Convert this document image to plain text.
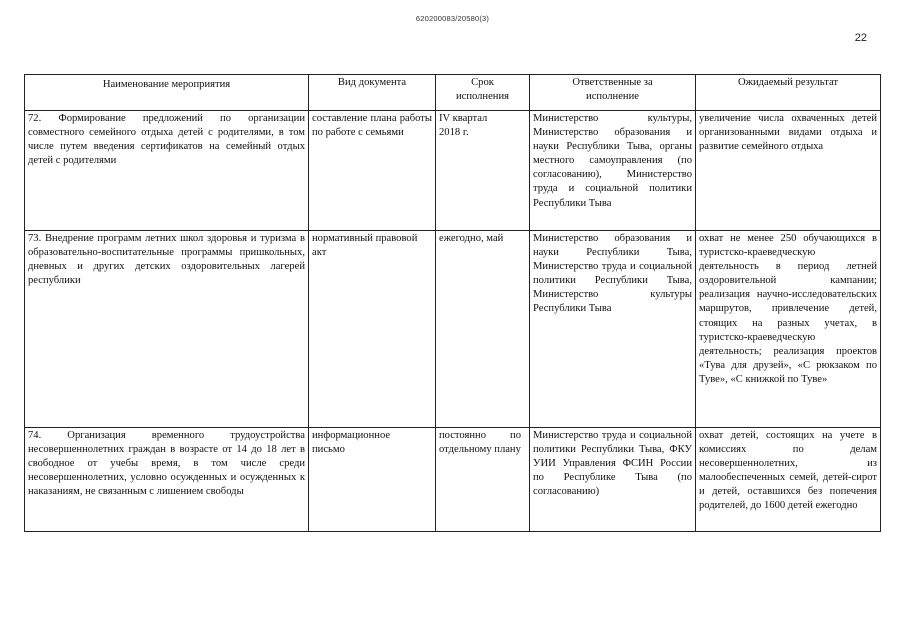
620200083/20580(3)
22
Наименование мероприятия	Вид документа	Срок исполнения	Ответственные за исполнение	Ожидаемый результат
72. Формирование предложений по организации совместного семейного отдыха детей с родителями, в том числе путем введения сертификатов на семейный отдых детей с родителями	составление плана работы по работе с семьями	IV квартал 2018 г.	Министерство культуры, Министерство образования и науки Республики Тыва, органы местного самоуправления (по согласованию), Министерство труда и социальной политики Республики Тыва	увеличение числа охваченных детей организованными видами отдыха и развитие семейного отдыха
73. Внедрение программ летних школ здоровья и туризма в образовательно-воспитательные программы пришкольных, дневных и других детских оздоровительных лагерей республики	нормативный правовой акт	ежегодно, май	Министерство образования и науки Республики Тыва, Министерство труда и социальной политики Республики Тыва, Министерство культуры Республики Тыва	охват не менее 250 обучающихся в туристско-краеведческую деятельность в период летней оздоровительной кампании; реализация научно-исследовательских маршрутов, привлечение детей, стоящих на разных учетах, в туристско-краеведческую деятельность; реализация проектов «Тува для друзей», «С рюкзаком по Туве», «С книжкой по Туве»
74. Организация временного трудоустройства несовершеннолетних граждан в возрасте от 14 до 18 лет в свободное от учебы время, в том числе среди несовершеннолетних, условно осужденных и осужденных к наказаниям, не связанным с лишением свободы	информационное письмо	постоянно по отдельному плану	Министерство труда и социальной политики Республики Тыва, ФКУ УИИ Управления ФСИН России по Республике Тыва (по согласованию)	охват детей, состоящих на учете в комиссиях по делам несовершеннолетних, из малообеспеченных семей, детей-сирот и детей, оставшихся без попечения родителей, до 1600 детей ежегодно
